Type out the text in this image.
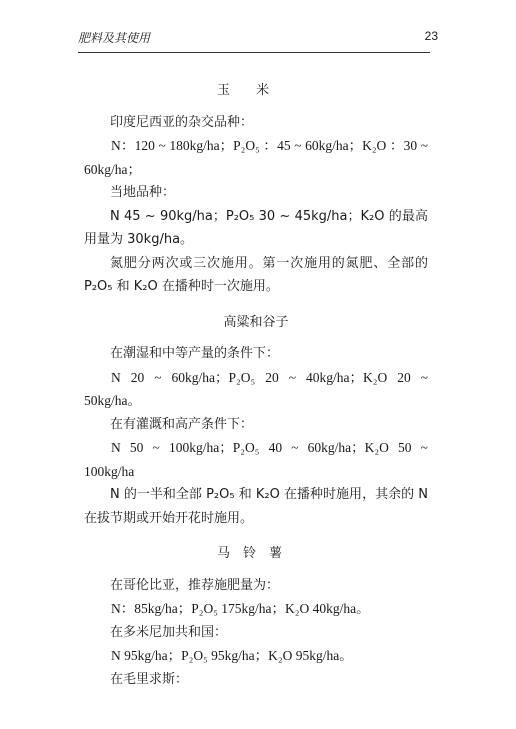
肥料及其使用	23
玉米

印度尼西亚的杂交品种：

N：120 ~ 180kg/ha；P₂O₅ ：45 ~ 60kg/ha；K₂O ：30 ~ 60kg/ha；

当地品种：

N 45 ~ 90kg/ha；P₂O₅ 30 ~ 45kg/ha；K₂O 的最高用量为 30kg/ha。

氮肥分两次或三次施用。第一次施用的氮肥、全部的 P₂O₅ 和 K₂O 在播种时一次施用。

高粱和谷子

在潮湿和中等产量的条件下：

N 20 ~ 60kg/ha；P₂O₅ 20 ~ 40kg/ha；K₂O 20 ~ 50kg/ha。

在有灌溉和高产条件下：

N 50 ~ 100kg/ha；P₂O₅ 40 ~ 60kg/ha；K₂O 50 ~ 100kg/ha

N 的一半和全部 P₂O₅ 和 K₂O 在播种时施用，其余的 N 在拔节期或开始开花时施用。

马铃薯

在哥伦比亚，推荐施肥量为：

N：85kg/ha；P₂O₅ 175kg/ha；K₂O 40kg/ha。

在多米尼加共和国：

N 95kg/ha；P₂O₅ 95kg/ha；K₂O 95kg/ha。

在毛里求斯：
